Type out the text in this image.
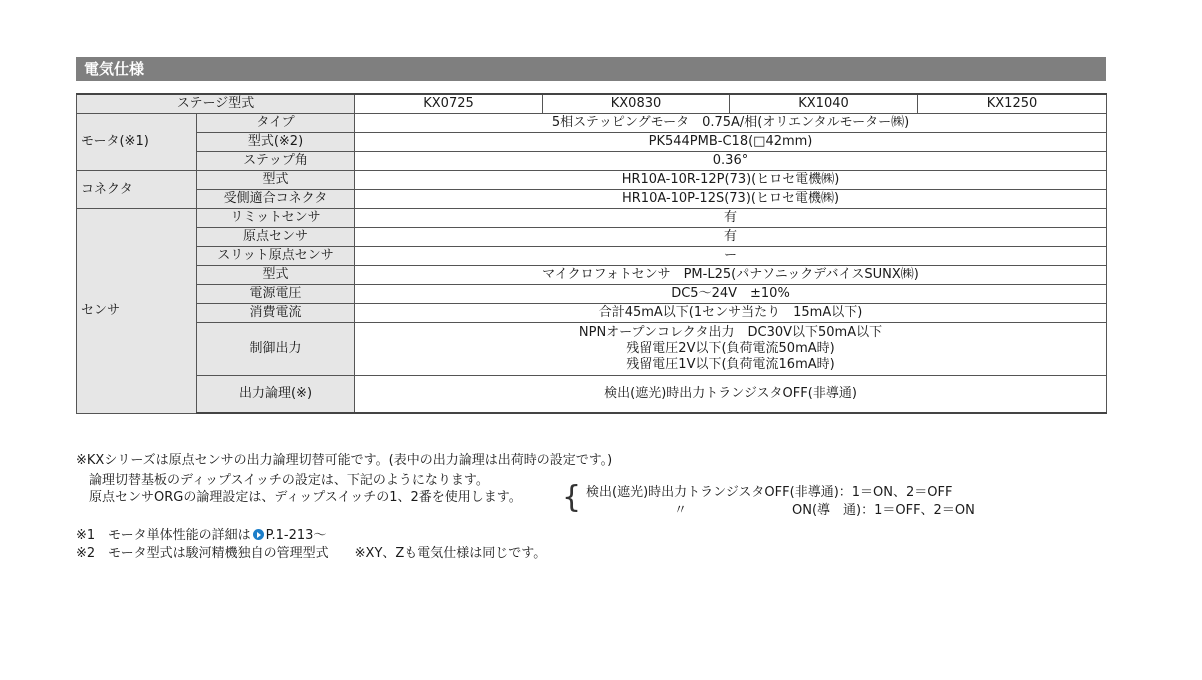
電気仕様
ステージ型式		KX0725	KX0830	KX1040	KX1250
モータ(※1)	タイプ	5相ステッピングモータ　0.75A/相(オリエンタルモーター㈱)			
	型式(※2)	PK544PMB-C18(□42mm)			
	ステップ角	0.36°			
コネクタ	型式	HR10A-10R-12P(73)(ヒロセ電機㈱)			
	受側適合コネクタ	HR10A-10P-12S(73)(ヒロセ電機㈱)			
センサ	リミットセンサ	有			
	原点センサ	有			
	スリット原点センサ	ー			
	型式	マイクロフォトセンサ　PM-L25(パナソニックデバイスSUNX㈱)			
	電源電圧	DC5～24V　±10%			
	消費電流	合計45mA以下(1センサ当たり　15mA以下)			
	制御出力	NPNオープンコレクタ出力　DC30V以下50mA以下
残留電圧2V以下(負荷電流50mA時)
残留電圧1V以下(負荷電流16mA時)			

	出力論理(※)	検出(遮光)時出力トランジスタOFF(非導通)			
※KXシリーズは原点センサの出力論理切替可能です。(表中の出力論理は出荷時の設定です。)
　論理切替基板のディップスイッチの設定は、下記のようになります。
　原点センサORGの論理設定は、ディップスイッチの1、2番を使用します。 { 検出(遮光)時出力トランジスタOFF(非導通)：1＝ON、2＝OFF
〃	ON(導　通)：1＝OFF、2＝ON
※1　モータ単体性能の詳細は P.1-213～
※2　モータ型式は駿河精機独自の管理型式　　※XY、Zも電気仕様は同じです。
